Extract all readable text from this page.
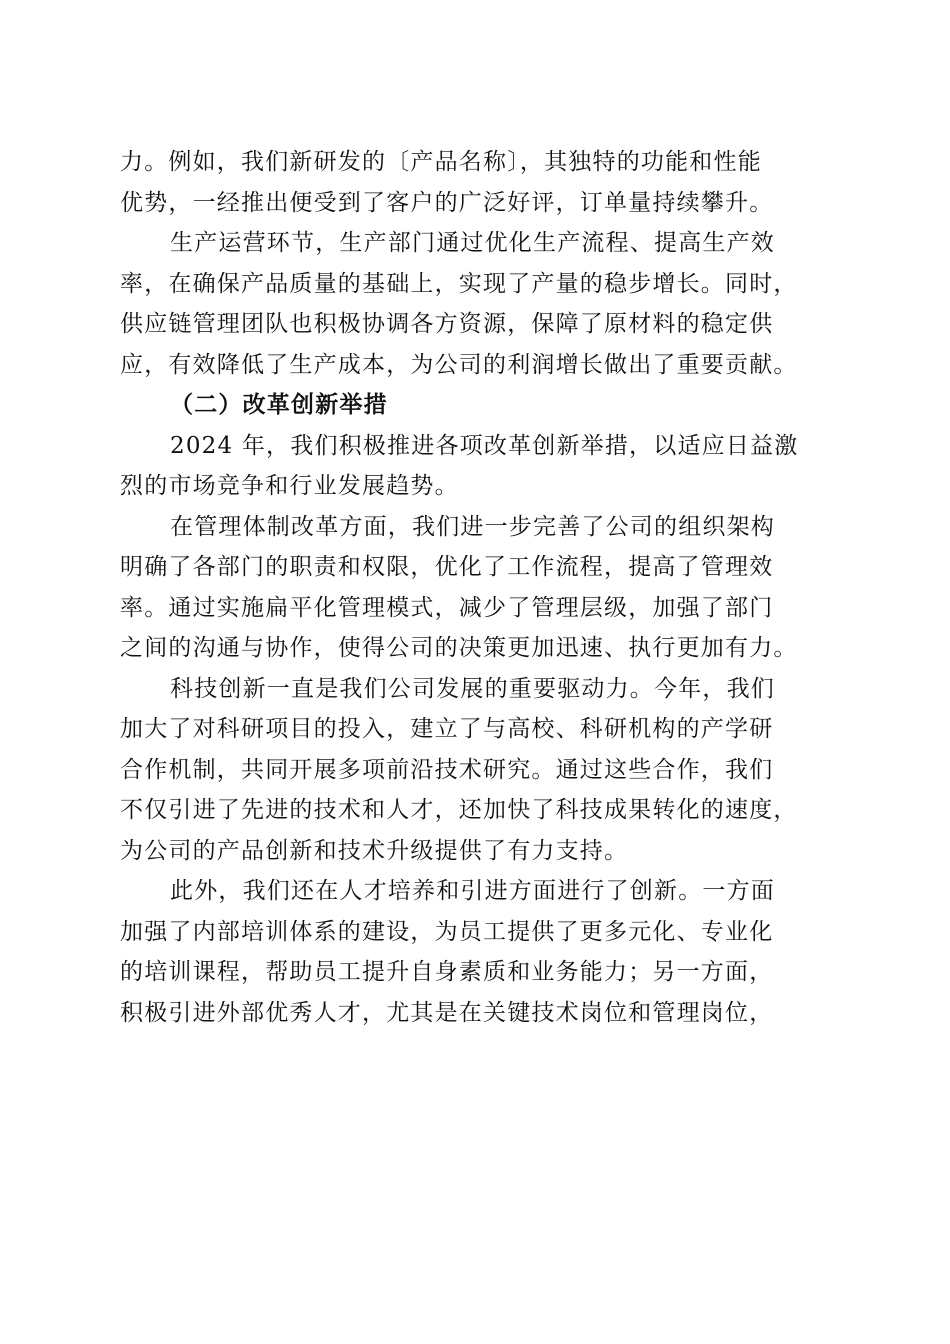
力。例如，我们新研发的〔产品名称〕，其独特的功能和性能
优势，一经推出便受到了客户的广泛好评，订单量持续攀升。
生产运营环节，生产部门通过优化生产流程、提高生产效
率，在确保产品质量的基础上，实现了产量的稳步增长。同时，
供应链管理团队也积极协调各方资源，保障了原材料的稳定供
应，有效降低了生产成本，为公司的利润增长做出了重要贡献。
（二）改革创新举措
2024 年，我们积极推进各项改革创新举措，以适应日益激
烈的市场竞争和行业发展趋势。
在管理体制改革方面，我们进一步完善了公司的组织架构
明确了各部门的职责和权限，优化了工作流程，提高了管理效
率。通过实施扁平化管理模式，减少了管理层级，加强了部门
之间的沟通与协作，使得公司的决策更加迅速、执行更加有力。
科技创新一直是我们公司发展的重要驱动力。今年，我们
加大了对科研项目的投入，建立了与高校、科研机构的产学研
合作机制，共同开展多项前沿技术研究。通过这些合作，我们
不仅引进了先进的技术和人才，还加快了科技成果转化的速度，
为公司的产品创新和技术升级提供了有力支持。
此外，我们还在人才培养和引进方面进行了创新。一方面
加强了内部培训体系的建设，为员工提供了更多元化、专业化
的培训课程，帮助员工提升自身素质和业务能力；另一方面，
积极引进外部优秀人才，尤其是在关键技术岗位和管理岗位，
